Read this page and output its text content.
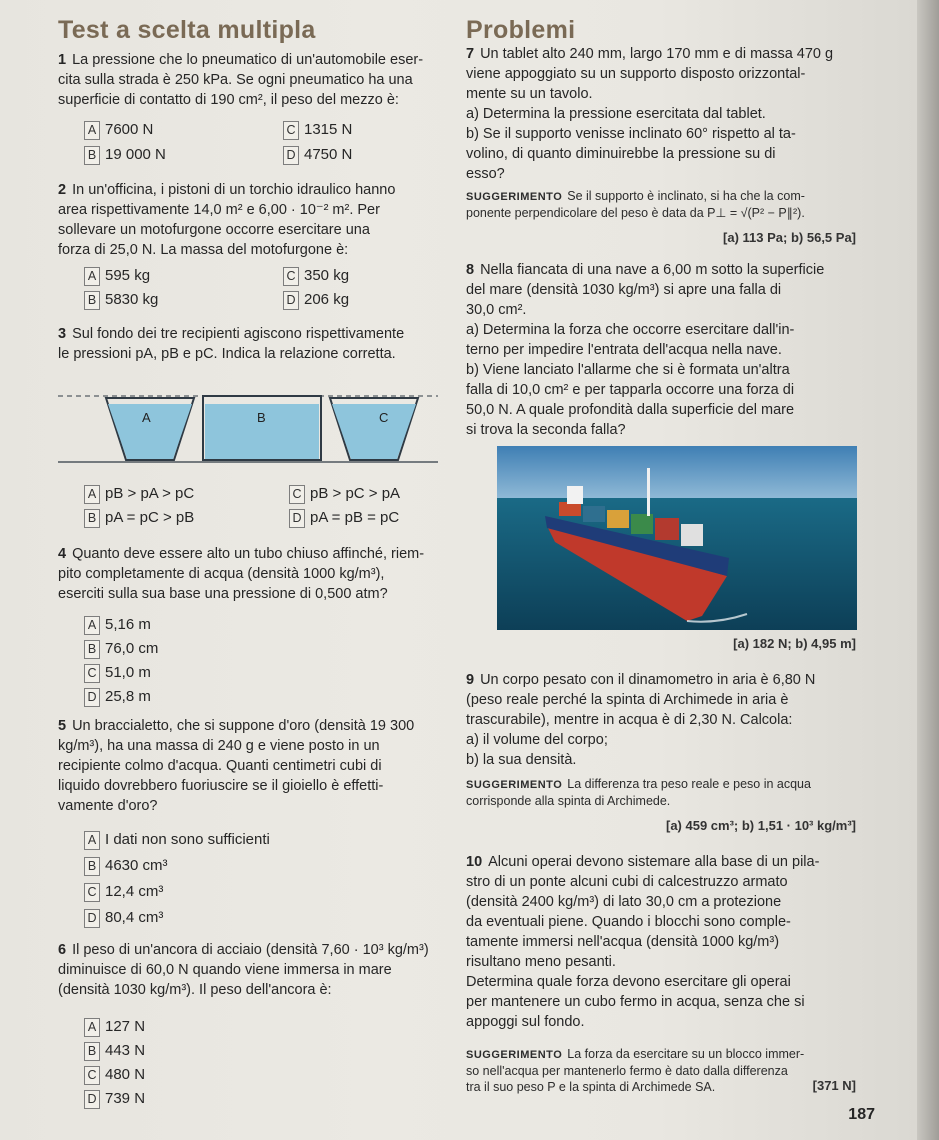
Test a scelta multipla	Problemi
1 La pressione che lo pneumatico di un'automobile eser-
cita sulla strada è 250 kPa. Se ogni pneumatico ha una
superficie di contatto di 190 cm², il peso del mezzo è:
A 7600 N
B 19 000 N
C 1315 N
D 4750 N
2 In un'officina, i pistoni di un torchio idraulico hanno
area rispettivamente 14,0 m² e 6,00 · 10⁻² m². Per
sollevare un motofurgone occorre esercitare una
forza di 25,0 N. La massa del motofurgone è:
A 595 kg
B 5830 kg
C 350 kg
D 206 kg
3 Sul fondo dei tre recipienti agiscono rispettivamente
le pressioni pA, pB e pC. Indica la relazione corretta.
A	B	C
A pB > pA > pC
B pA = pC > pB
C pB > pC > pA
D pA = pB = pC
4 Quanto deve essere alto un tubo chiuso affinché, riem-
pito completamente di acqua (densità 1000 kg/m³),
eserciti sulla sua base una pressione di 0,500 atm?
A 5,16 m
B 76,0 cm
C 51,0 m
D 25,8 m
5 Un braccialetto, che si suppone d'oro (densità 19 300
kg/m³), ha una massa di 240 g e viene posto in un
recipiente colmo d'acqua. Quanti centimetri cubi di
liquido dovrebbero fuoriuscire se il gioiello è effetti-
vamente d'oro?
A I dati non sono sufficienti
B 4630 cm³
C 12,4 cm³
D 80,4 cm³
6 Il peso di un'ancora di acciaio (densità 7,60 · 10³ kg/m³)
diminuisce di 60,0 N quando viene immersa in mare
(densità 1030 kg/m³). Il peso dell'ancora è:
A 127 N
B 443 N
C 480 N
D 739 N
7 Un tablet alto 240 mm, largo 170 mm e di massa 470 g
viene appoggiato su un supporto disposto orizzontal-
mente su un tavolo.
a) Determina la pressione esercitata dal tablet.
b) Se il supporto venisse inclinato 60° rispetto al ta-
volino, di quanto diminuirebbe la pressione su di
esso?
SUGGERIMENTO Se il supporto è inclinato, si ha che la com-
ponente perpendicolare del peso è data da P⊥ = √(P² − P∥²).
[a) 113 Pa; b) 56,5 Pa]
8 Nella fiancata di una nave a 6,00 m sotto la superficie
del mare (densità 1030 kg/m³) si apre una falla di
30,0 cm².
a) Determina la forza che occorre esercitare dall'in-
terno per impedire l'entrata dell'acqua nella nave.
b) Viene lanciato l'allarme che si è formata un'altra
falla di 10,0 cm² e per tapparla occorre una forza di
50,0 N. A quale profondità dalla superficie del mare
si trova la seconda falla?
[a) 182 N; b) 4,95 m]
9 Un corpo pesato con il dinamometro in aria è 6,80 N
(peso reale perché la spinta di Archimede in aria è
trascurabile), mentre in acqua è di 2,30 N. Calcola:
a) il volume del corpo;
b) la sua densità.
SUGGERIMENTO La differenza tra peso reale e peso in acqua
corrisponde alla spinta di Archimede.
[a) 459 cm³; b) 1,51 · 10³ kg/m³]
10 Alcuni operai devono sistemare alla base di un pila-
stro di un ponte alcuni cubi di calcestruzzo armato
(densità 2400 kg/m³) di lato 30,0 cm a protezione
da eventuali piene. Quando i blocchi sono comple-
tamente immersi nell'acqua (densità 1000 kg/m³)
risultano meno pesanti.
Determina quale forza devono esercitare gli operai
per mantenere un cubo fermo in acqua, senza che si
appoggi sul fondo.
SUGGERIMENTO La forza da esercitare su un blocco immer-
so nell'acqua per mantenerlo fermo è dato dalla differenza
tra il suo peso P e la spinta di Archimede SA.	[371 N]
187
